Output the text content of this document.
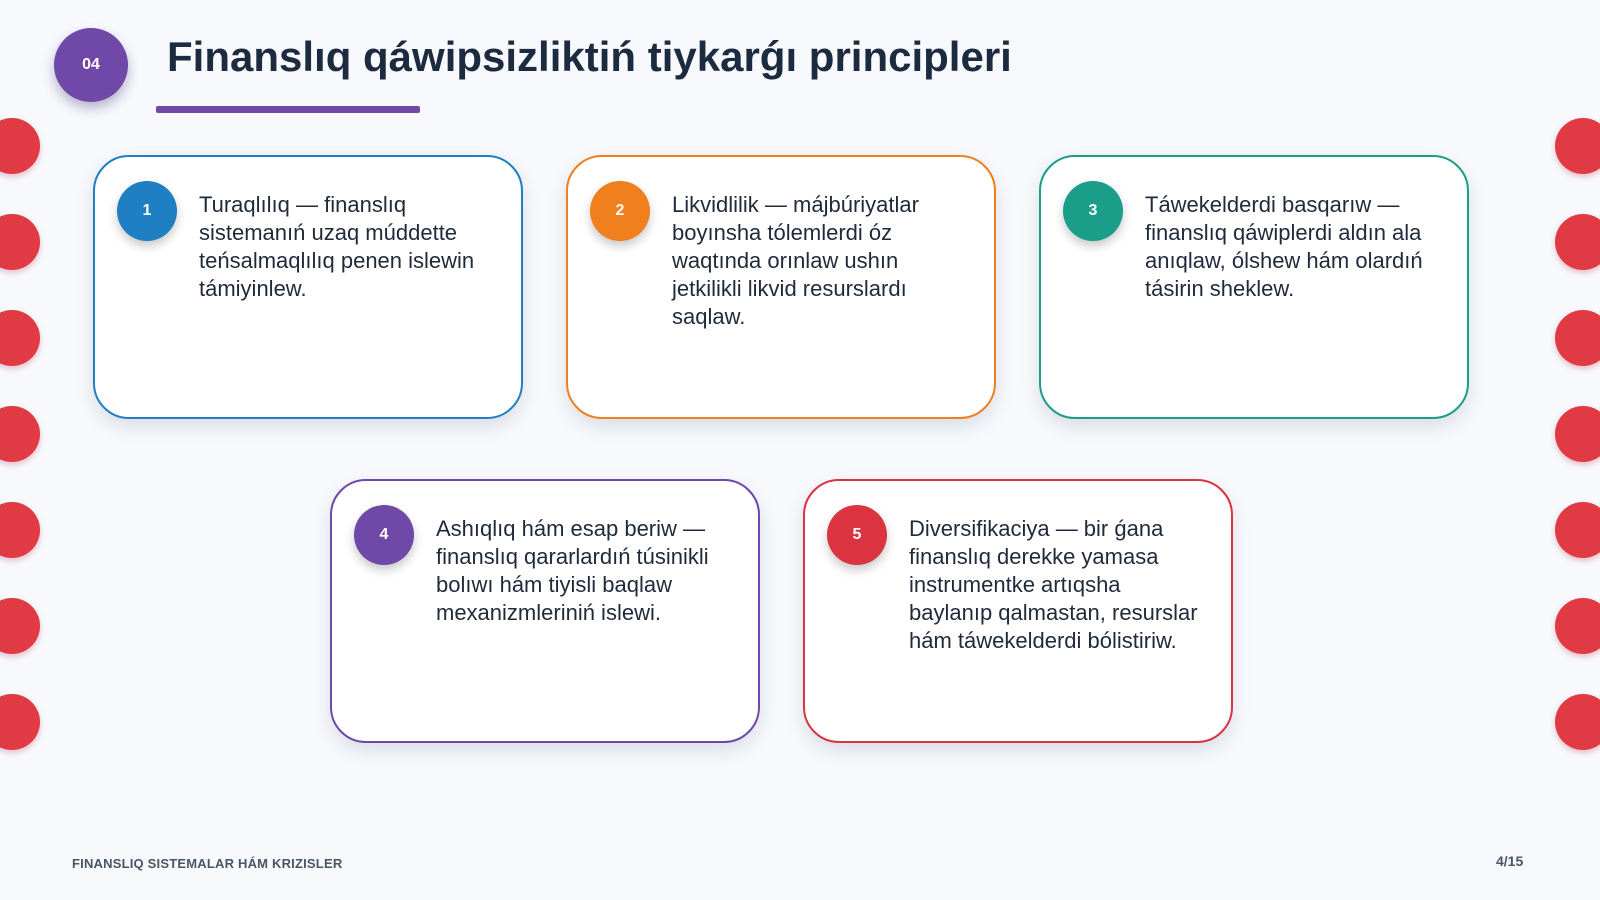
04	Finanslıq qáwipsizliktiń tiykarǵı principleri
1	Turaqlılıq — finanslıq sistemanıń uzaq múddette teńsalmaqlılıq penen islewin támiyinlew.

2	Likvidlilik — májbúriyatlar boyınsha tólemlerdi óz waqtında orınlaw ushın jetkilikli likvid resurslardı saqlaw.

3	Táwekelderdi basqarıw — finanslıq qáwiplerdi aldın ala anıqlaw, ólshew hám olardıń tásirin sheklew.

4	Ashıqlıq hám esap beriw — finanslıq qararlardıń túsinikli bolıwı hám tiyisli baqlaw mexanizmleriniń islewi.

5	Diversifikaciya — bir ǵana finanslıq derekke yamasa instrumentke artıqsha baylanıp qalmastan, resurslar hám táwekelderdi bólistiriw.

FINANSLIQ SISTEMALAR HÁM KRIZISLER	4/15
